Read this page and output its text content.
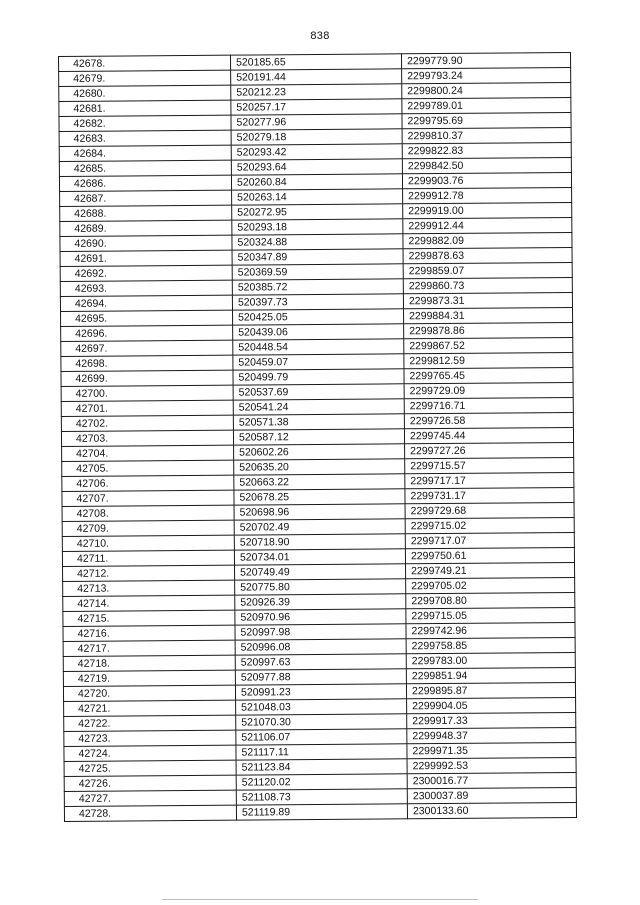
838
42678.	520185.65	2299779.90
42679.	520191.44	2299793.24
42680.	520212.23	2299800.24
42681.	520257.17	2299789.01
42682.	520277.96	2299795.69
42683.	520279.18	2299810.37
42684.	520293.42	2299822.83
42685.	520293.64	2299842.50
42686.	520260.84	2299903.76
42687.	520263.14	2299912.78
42688.	520272.95	2299919.00
42689.	520293.18	2299912.44
42690.	520324.88	2299882.09
42691.	520347.89	2299878.63
42692.	520369.59	2299859.07
42693.	520385.72	2299860.73
42694.	520397.73	2299873.31
42695.	520425.05	2299884.31
42696.	520439.06	2299878.86
42697.	520448.54	2299867.52
42698.	520459.07	2299812.59
42699.	520499.79	2299765.45
42700.	520537.69	2299729.09
42701.	520541.24	2299716.71
42702.	520571.38	2299726.58
42703.	520587.12	2299745.44
42704.	520602.26	2299727.26
42705.	520635.20	2299715.57
42706.	520663.22	2299717.17
42707.	520678.25	2299731.17
42708.	520698.96	2299729.68
42709.	520702.49	2299715.02
42710.	520718.90	2299717.07
42711.	520734.01	2299750.61
42712.	520749.49	2299749.21
42713.	520775.80	2299705.02
42714.	520926.39	2299708.80
42715.	520970.96	2299715.05
42716.	520997.98	2299742.96
42717.	520996.08	2299758.85
42718.	520997.63	2299783.00
42719.	520977.88	2299851.94
42720.	520991.23	2299895.87
42721.	521048.03	2299904.05
42722.	521070.30	2299917.33
42723.	521106.07	2299948.37
42724.	521117.11	2299971.35
42725.	521123.84	2299992.53
42726.	521120.02	2300016.77
42727.	521108.73	2300037.89
42728.	521119.89	2300133.60
